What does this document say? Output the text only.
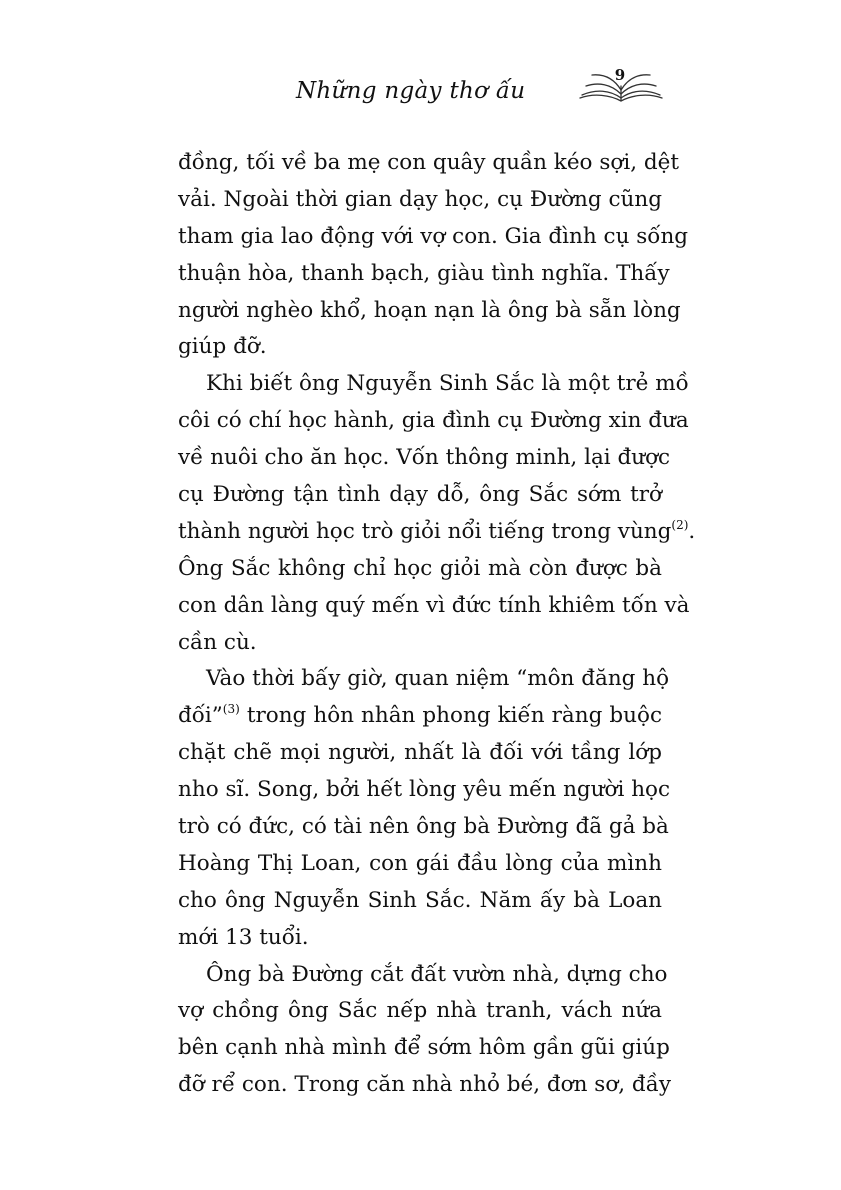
Những ngày thơ ấu
9
đồng, tối về ba mẹ con quây quần kéo sợi, dệt
vải. Ngoài thời gian dạy học, cụ Đường cũng
tham gia lao động với vợ con. Gia đình cụ sống
thuận hòa, thanh bạch, giàu tình nghĩa. Thấy
người nghèo khổ, hoạn nạn là ông bà sẵn lòng
giúp đỡ.
Khi biết ông Nguyễn Sinh Sắc là một trẻ mồ
côi có chí học hành, gia đình cụ Đường xin đưa
về nuôi cho ăn học. Vốn thông minh, lại được
cụ Đường tận tình dạy dỗ, ông Sắc sớm trở
thành người học trò giỏi nổi tiếng trong vùng$^{(2)}$.
Ông Sắc không chỉ học giỏi mà còn được bà
con dân làng quý mến vì đức tính khiêm tốn và
cần cù.
Vào thời bấy giờ, quan niệm “môn đăng hộ
đối”$^{(3)}$ trong hôn nhân phong kiến ràng buộc
chặt chẽ mọi người, nhất là đối với tầng lớp
nho sĩ. Song, bởi hết lòng yêu mến người học
trò có đức, có tài nên ông bà Đường đã gả bà
Hoàng Thị Loan, con gái đầu lòng của mình
cho ông Nguyễn Sinh Sắc. Năm ấy bà Loan
mới 13 tuổi.
Ông bà Đường cắt đất vườn nhà, dựng cho
vợ chồng ông Sắc nếp nhà tranh, vách nứa
bên cạnh nhà mình để sớm hôm gần gũi giúp
đỡ rể con. Trong căn nhà nhỏ bé, đơn sơ, đầy
